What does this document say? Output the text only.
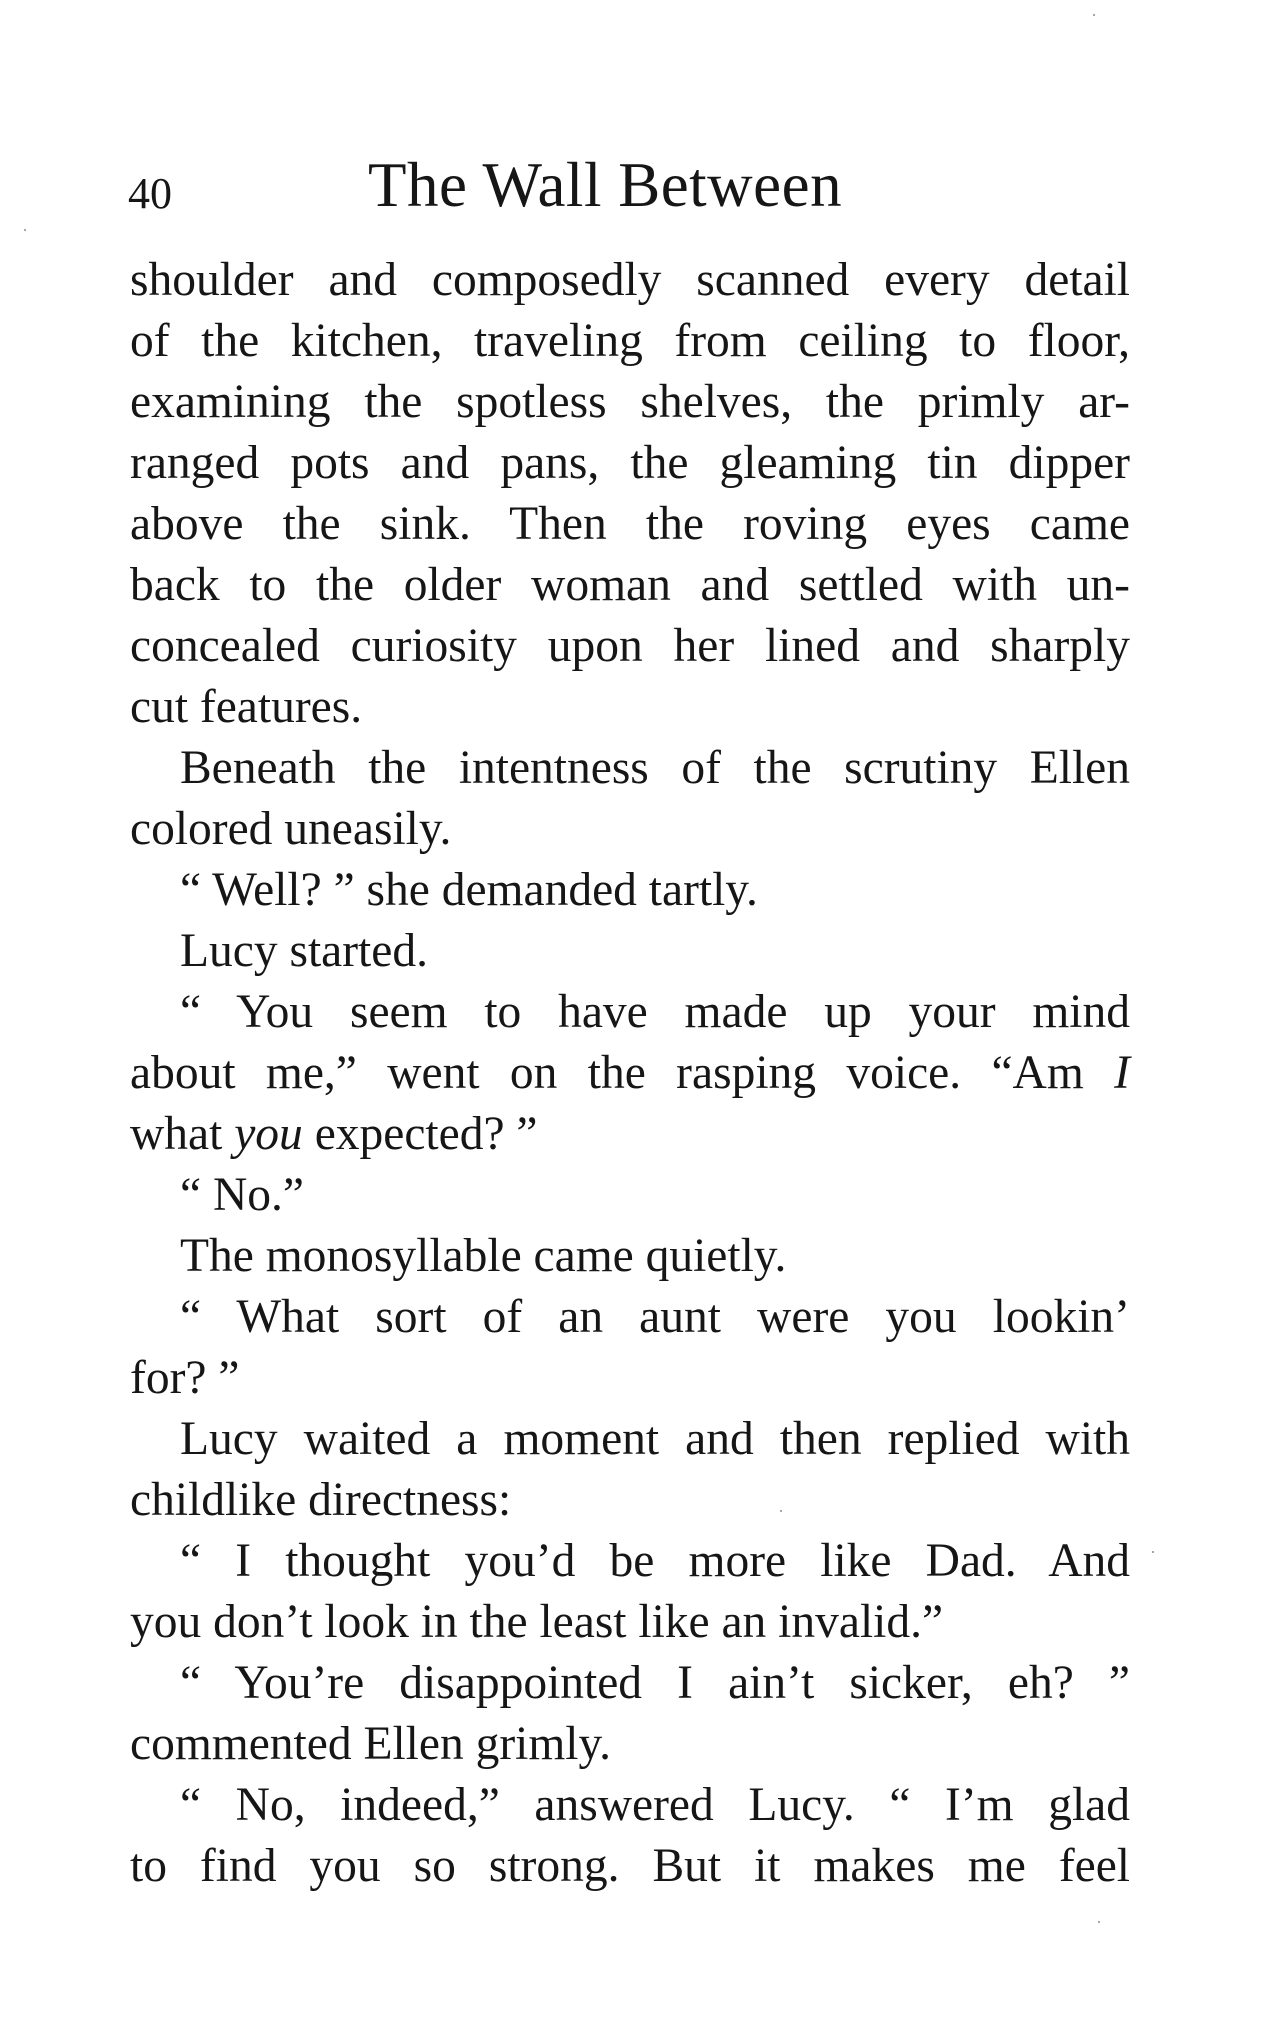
40	The Wall Between
shoulder and composedly scanned every detail
of the kitchen, traveling from ceiling to floor,
examining the spotless shelves, the primly ar-
ranged pots and pans, the gleaming tin dipper
above the sink. Then the roving eyes came
back to the older woman and settled with un-
concealed curiosity upon her lined and sharply
cut features.
Beneath the intentness of the scrutiny Ellen
colored uneasily.
“ Well? ” she demanded tartly.
Lucy started.
“ You seem to have made up your mind
about me,” went on the rasping voice. “Am I
what you expected? ”
“ No.”
The monosyllable came quietly.
“ What sort of an aunt were you lookin’
for? ”
Lucy waited a moment and then replied with
childlike directness:
“ I thought you’d be more like Dad. And
you don’t look in the least like an invalid.”
“ You’re disappointed I ain’t sicker, eh? ”
commented Ellen grimly.
“ No, indeed,” answered Lucy. “ I’m glad
to find you so strong. But it makes me feel
